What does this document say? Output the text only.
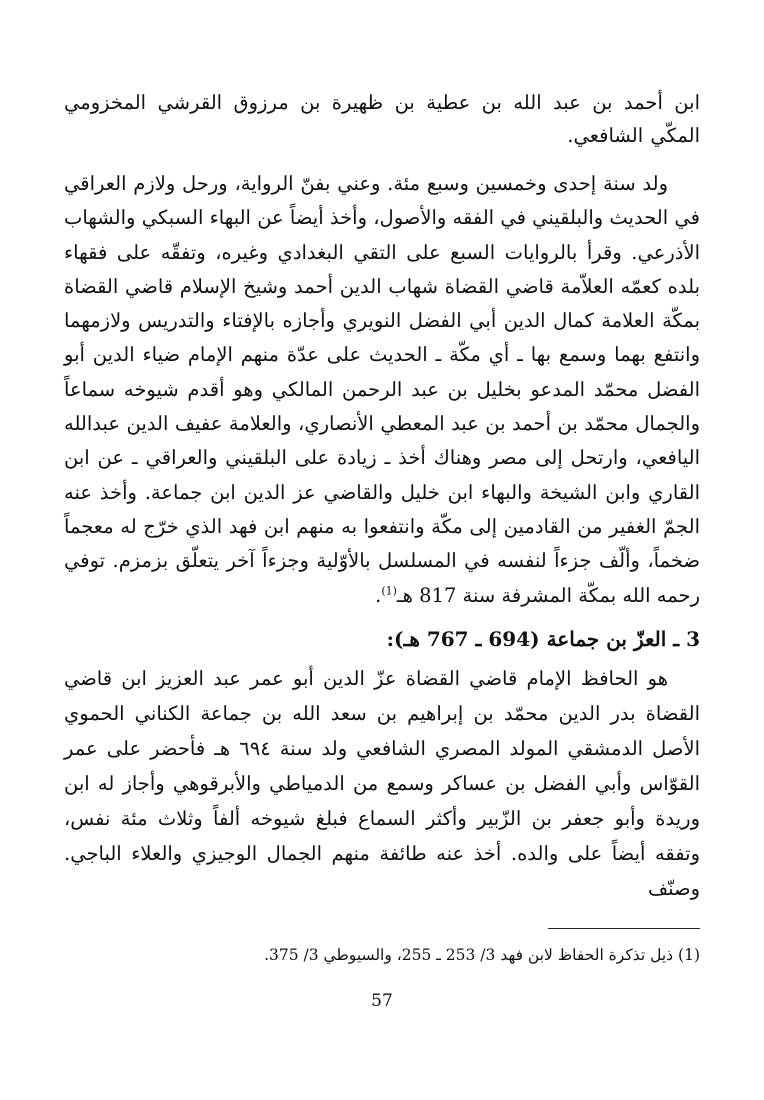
ابن أحمد بن عبد الله بن عطية بن ظهيرة بن مرزوق القرشي المخزومي المكّي الشافعي.
ولد سنة إحدى وخمسين وسبع مئة. وعني بفنّ الرواية، ورحل ولازم العراقي في الحديث والبلقيني في الفقه والأصول، وأخذ أيضاً عن البهاء السبكي والشهاب الأذرعي. وقرأ بالروايات السبع على التقي البغدادي وغيره، وتفقّه على فقهاء بلده كعمّه العلاّمة قاضي القضاة شهاب الدين أحمد وشيخ الإسلام قاضي القضاة بمكّة العلامة كمال الدين أبي الفضل النويري وأجازه بالإفتاء والتدريس ولازمهما وانتفع بهما وسمع بها ـ أي مكّة ـ الحديث على عدّة منهم الإمام ضياء الدين أبو الفضل محمّد المدعو بخليل بن عبد الرحمن المالكي وهو أقدم شيوخه سماعاً والجمال محمّد بن أحمد بن عبد المعطي الأنصاري، والعلامة عفيف الدين عبدالله اليافعي، وارتحل إلى مصر وهناك أخذ ـ زيادة على البلقيني والعراقي ـ عن ابن القاري وابن الشيخة والبهاء ابن خليل والقاضي عز الدين ابن جماعة. وأخذ عنه الجمّ الغفير من القادمين إلى مكّة وانتفعوا به منهم ابن فهد الذي خرّج له معجماً ضخماً، وألّف جزءاً لنفسه في المسلسل بالأوّلية وجزءاً آخر يتعلّق بزمزم. توفي رحمه الله بمكّة المشرفة سنة 817 هـ$^{(1)}$.
3 ـ العزّ بن جماعة (694 ـ 767 هـ):
هو الحافظ الإمام قاضي القضاة عزّ الدين أبو عمر عبد العزيز ابن قاضي القضاة بدر الدين محمّد بن إبراهيم بن سعد الله بن جماعة الكناني الحموي الأصل الدمشقي المولد المصري الشافعي ولد سنة ٦٩٤ هـ فأحضر على عمر القوّاس وأبي الفضل بن عساكر وسمع من الدمياطي والأبرقوهي وأجاز له ابن وريدة وأبو جعفر بن الزّبير وأكثر السماع فبلغ شيوخه ألفاً وثلاث مئة نفس، وتفقه أيضاً على والده. أخذ عنه طائفة منهم الجمال الوجيزي والعلاء الباجي. وصنّف
(1) ذيل تذكرة الحفاظ لابن فهد 3/ 253 ـ 255، والسيوطي 3/ 375.
57
